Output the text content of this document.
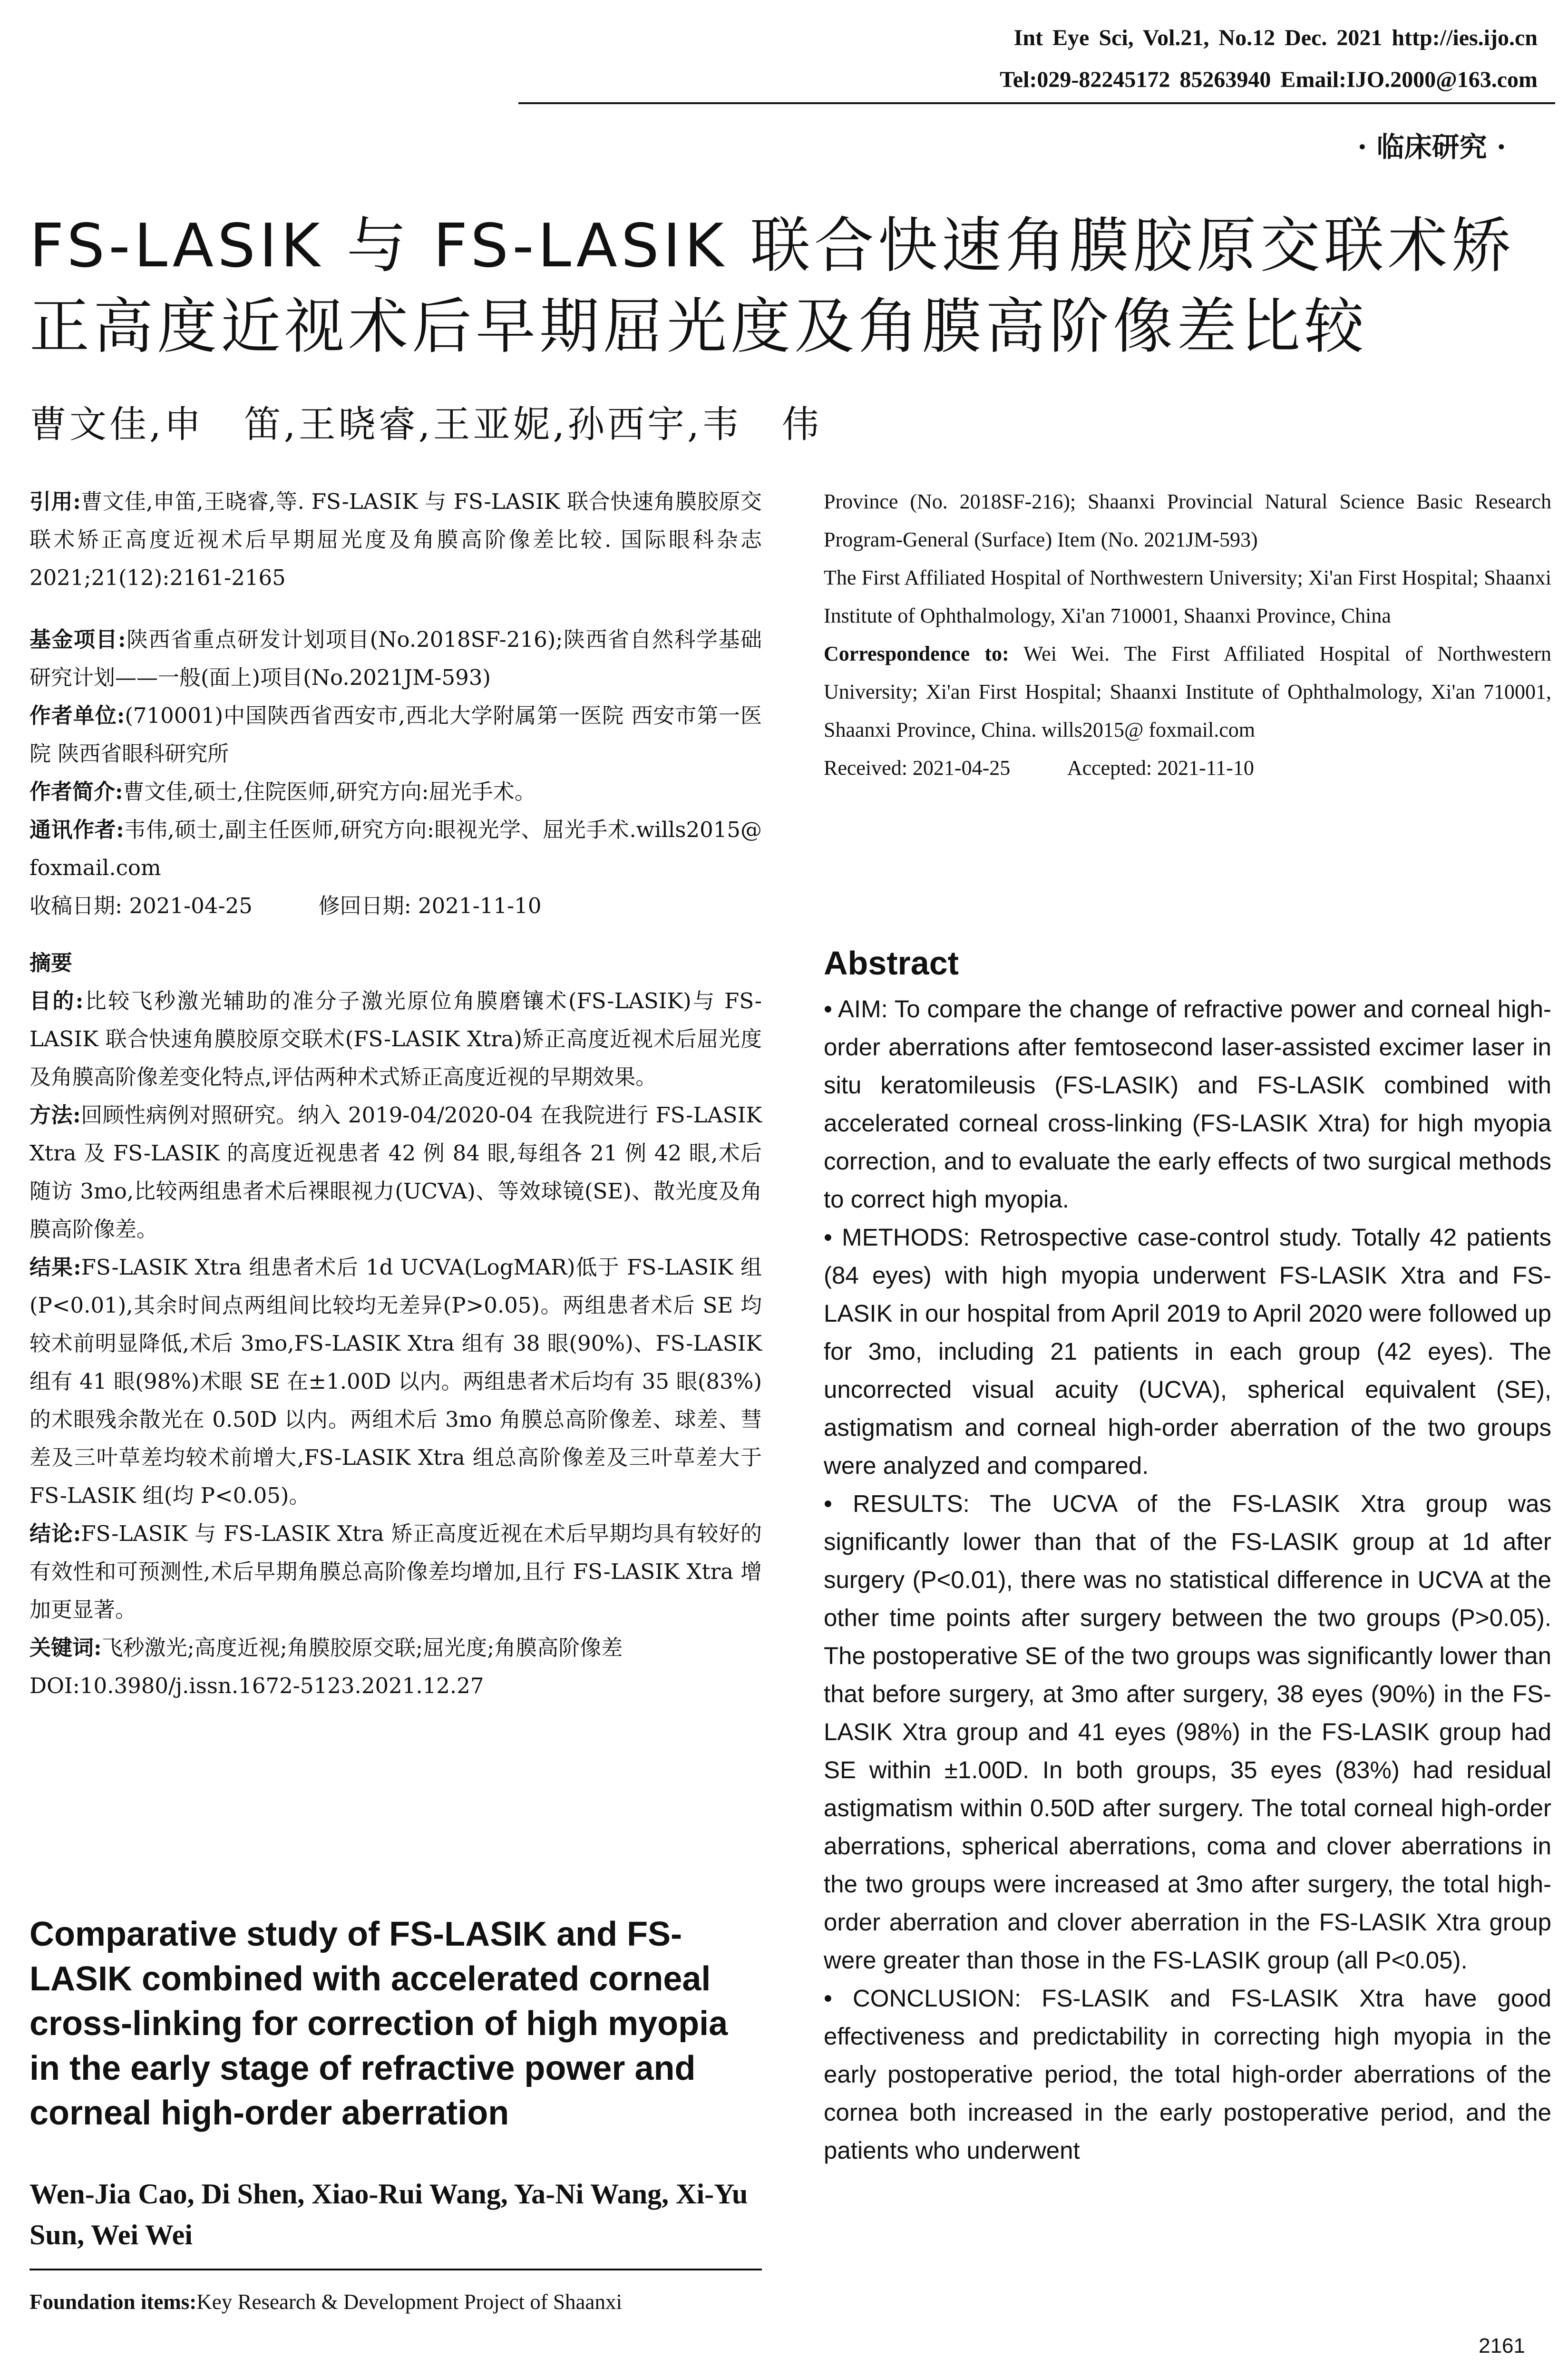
Int Eye Sci, Vol.21, No.12 Dec. 2021 http://ies.ijo.cn
Tel:029-82245172 85263940 Email:IJO.2000@163.com
· 临床研究 ·
FS-LASIK 与 FS-LASIK 联合快速角膜胶原交联术矫正高度近视术后早期屈光度及角膜高阶像差比较
曹文佳,申　笛,王晓睿,王亚妮,孙西宇,韦　伟

引用:曹文佳,申笛,王晓睿,等. FS-LASIK 与 FS-LASIK 联合快速角膜胶原交联术矫正高度近视术后早期屈光度及角膜高阶像差比较. 国际眼科杂志 2021;21(12):2161-2165

基金项目:陕西省重点研发计划项目(No.2018SF-216);陕西省自然科学基础研究计划——一般(面上)项目(No.2021JM-593)

作者单位:(710001)中国陕西省西安市,西北大学附属第一医院 西安市第一医院 陕西省眼科研究所

作者简介:曹文佳,硕士,住院医师,研究方向:屈光手术。

通讯作者:韦伟,硕士,副主任医师,研究方向:眼视光学、屈光手术.wills2015@ foxmail.com

收稿日期: 2021-04-25	修回日期: 2021-11-10

摘要

目的:比较飞秒激光辅助的准分子激光原位角膜磨镶术(FS-LASIK)与 FS-LASIK 联合快速角膜胶原交联术(FS-LASIK Xtra)矫正高度近视术后屈光度及角膜高阶像差变化特点,评估两种术式矫正高度近视的早期效果。

方法:回顾性病例对照研究。纳入 2019-04/2020-04 在我院进行 FS-LASIK Xtra 及 FS-LASIK 的高度近视患者 42 例 84 眼,每组各 21 例 42 眼,术后随访 3mo,比较两组患者术后裸眼视力(UCVA)、等效球镜(SE)、散光度及角膜高阶像差。

结果:FS-LASIK Xtra 组患者术后 1d UCVA(LogMAR)低于 FS-LASIK 组(P<0.01),其余时间点两组间比较均无差异(P>0.05)。两组患者术后 SE 均较术前明显降低,术后 3mo,FS-LASIK Xtra 组有 38 眼(90%)、FS-LASIK 组有 41 眼(98%)术眼 SE 在±1.00D 以内。两组患者术后均有 35 眼(83%)的术眼残余散光在 0.50D 以内。两组术后 3mo 角膜总高阶像差、球差、彗差及三叶草差均较术前增大,FS-LASIK Xtra 组总高阶像差及三叶草差大于 FS-LASIK 组(均 P<0.05)。

结论:FS-LASIK 与 FS-LASIK Xtra 矫正高度近视在术后早期均具有较好的有效性和可预测性,术后早期角膜总高阶像差均增加,且行 FS-LASIK Xtra 增加更显著。

关键词:飞秒激光;高度近视;角膜胶原交联;屈光度;角膜高阶像差

DOI:10.3980/j.issn.1672-5123.2021.12.27

Comparative study of FS-LASIK and FS-LASIK combined with accelerated corneal cross-linking for correction of high myopia in the early stage of refractive power and corneal high-order aberration
Wen-Jia Cao, Di Shen, Xiao-Rui Wang, Ya-Ni Wang, Xi-Yu Sun, Wei Wei
Foundation items:Key Research & Development Project of Shaanxi

Province (No. 2018SF-216); Shaanxi Provincial Natural Science Basic Research Program-General (Surface) Item (No. 2021JM-593)

The First Affiliated Hospital of Northwestern University; Xi'an First Hospital; Shaanxi Institute of Ophthalmology, Xi'an 710001, Shaanxi Province, China

Correspondence to: Wei Wei. The First Affiliated Hospital of Northwestern University; Xi'an First Hospital; Shaanxi Institute of Ophthalmology, Xi'an 710001, Shaanxi Province, China. wills2015@ foxmail.com

Received: 2021-04-25	Accepted: 2021-11-10

Abstract

• AIM: To compare the change of refractive power and corneal high-order aberrations after femtosecond laser-assisted excimer laser in situ keratomileusis (FS-LASIK) and FS-LASIK combined with accelerated corneal cross-linking (FS-LASIK Xtra) for high myopia correction, and to evaluate the early effects of two surgical methods to correct high myopia.

• METHODS: Retrospective case-control study. Totally 42 patients (84 eyes) with high myopia underwent FS-LASIK Xtra and FS-LASIK in our hospital from April 2019 to April 2020 were followed up for 3mo, including 21 patients in each group (42 eyes). The uncorrected visual acuity (UCVA), spherical equivalent (SE), astigmatism and corneal high-order aberration of the two groups were analyzed and compared.

• RESULTS: The UCVA of the FS-LASIK Xtra group was significantly lower than that of the FS-LASIK group at 1d after surgery (P<0.01), there was no statistical difference in UCVA at the other time points after surgery between the two groups (P>0.05). The postoperative SE of the two groups was significantly lower than that before surgery, at 3mo after surgery, 38 eyes (90%) in the FS-LASIK Xtra group and 41 eyes (98%) in the FS-LASIK group had SE within ±1.00D. In both groups, 35 eyes (83%) had residual astigmatism within 0.50D after surgery. The total corneal high-order aberrations, spherical aberrations, coma and clover aberrations in the two groups were increased at 3mo after surgery, the total high-order aberration and clover aberration in the FS-LASIK Xtra group were greater than those in the FS-LASIK group (all P<0.05).

• CONCLUSION: FS-LASIK and FS-LASIK Xtra have good effectiveness and predictability in correcting high myopia in the early postoperative period, the total high-order aberrations of the cornea both increased in the early postoperative period, and the patients who underwent

2161
